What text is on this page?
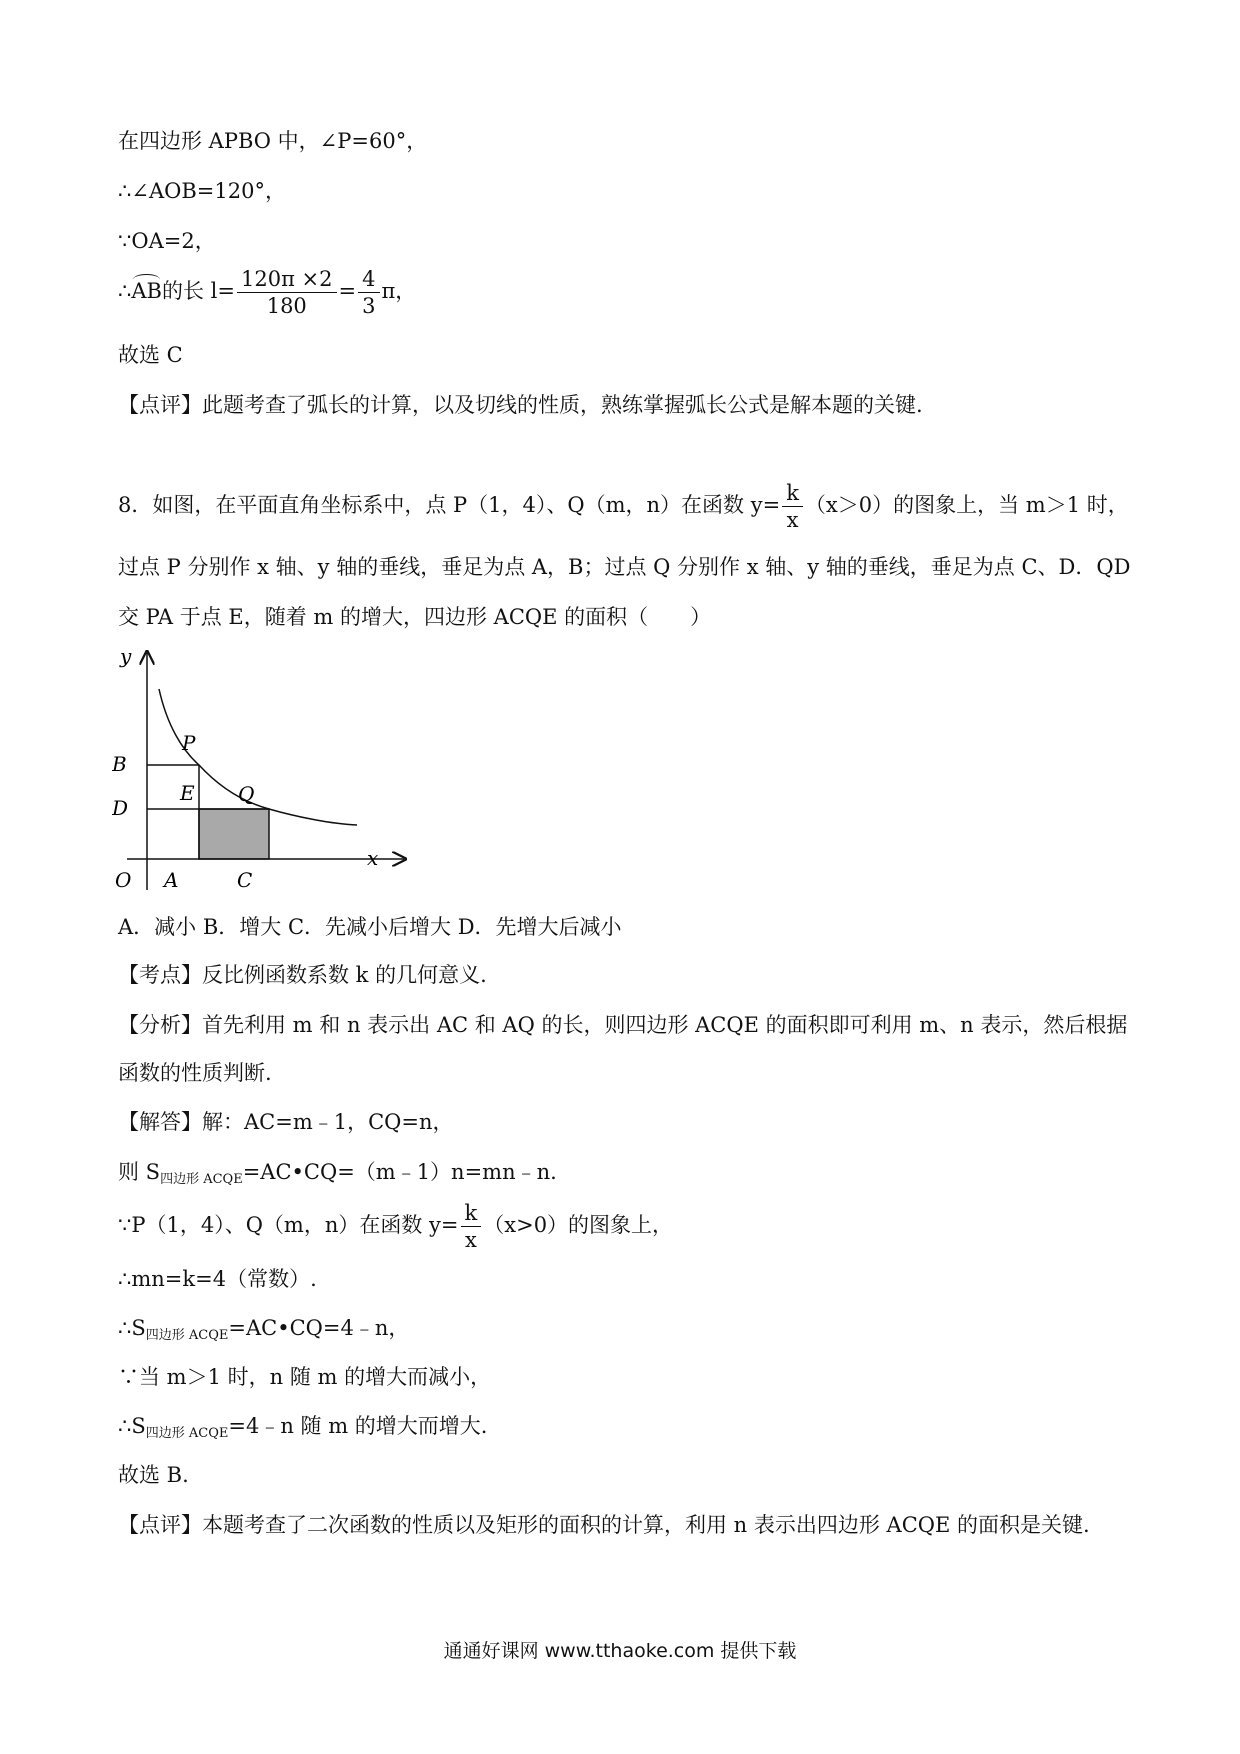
在四边形 APBO 中，∠P=60°，
∴∠AOB=120°，
∵OA=2，
∴AB的长 $l= \frac{120\pi \times 2}{180} = \frac{4}{3}$ π，
故选 C
【点评】此题考查了弧长的计算，以及切线的性质，熟练掌握弧长公式是解本题的关键.
8．如图，在平面直角坐标系中，点 P（1，4）、Q（m，n）在函数 $y= \frac{k}{x} (x>0)$的图象上，当 m＞1 时，
过点 P 分别作 x 轴、y 轴的垂线，垂足为点 A，B；过点 Q 分别作 x 轴、y 轴的垂线，垂足为点 C、D．QD
交 PA 于点 E，随着 m 的增大，四边形 ACQE 的面积（　　）
y
x
O A	C
B
D
P
E Q
A．减小 B．增大 C．先减小后增大 D．先增大后减小
【考点】反比例函数系数 k 的几何意义.
【分析】首先利用 m 和 n 表示出 AC 和 AQ 的长，则四边形 ACQE 的面积即可利用 m、n 表示，然后根据
函数的性质判断.
【解答】解：AC=m﹣1，CQ=n，
则 $S_{四边形 ACQE}=AC•CQ=(m﹣1)n=mn﹣n$.
∵P（1，4）、Q（m，n）在函数 $y= \frac{k}{x} (x>0)$的图象上，
∴mn=k=4（常数）.
$\therefore S_{四边形 ACQE}=AC•CQ=4﹣n$，
∵当 m＞1 时，n 随 m 的增大而减小，
$\therefore S_{四边形 ACQE}=4﹣n$ 随 m 的增大而增大.
故选 B.
【点评】本题考查了二次函数的性质以及矩形的面积的计算，利用 n 表示出四边形 ACQE 的面积是关键.
通通好课网 www.tthaoke.com 提供下载
